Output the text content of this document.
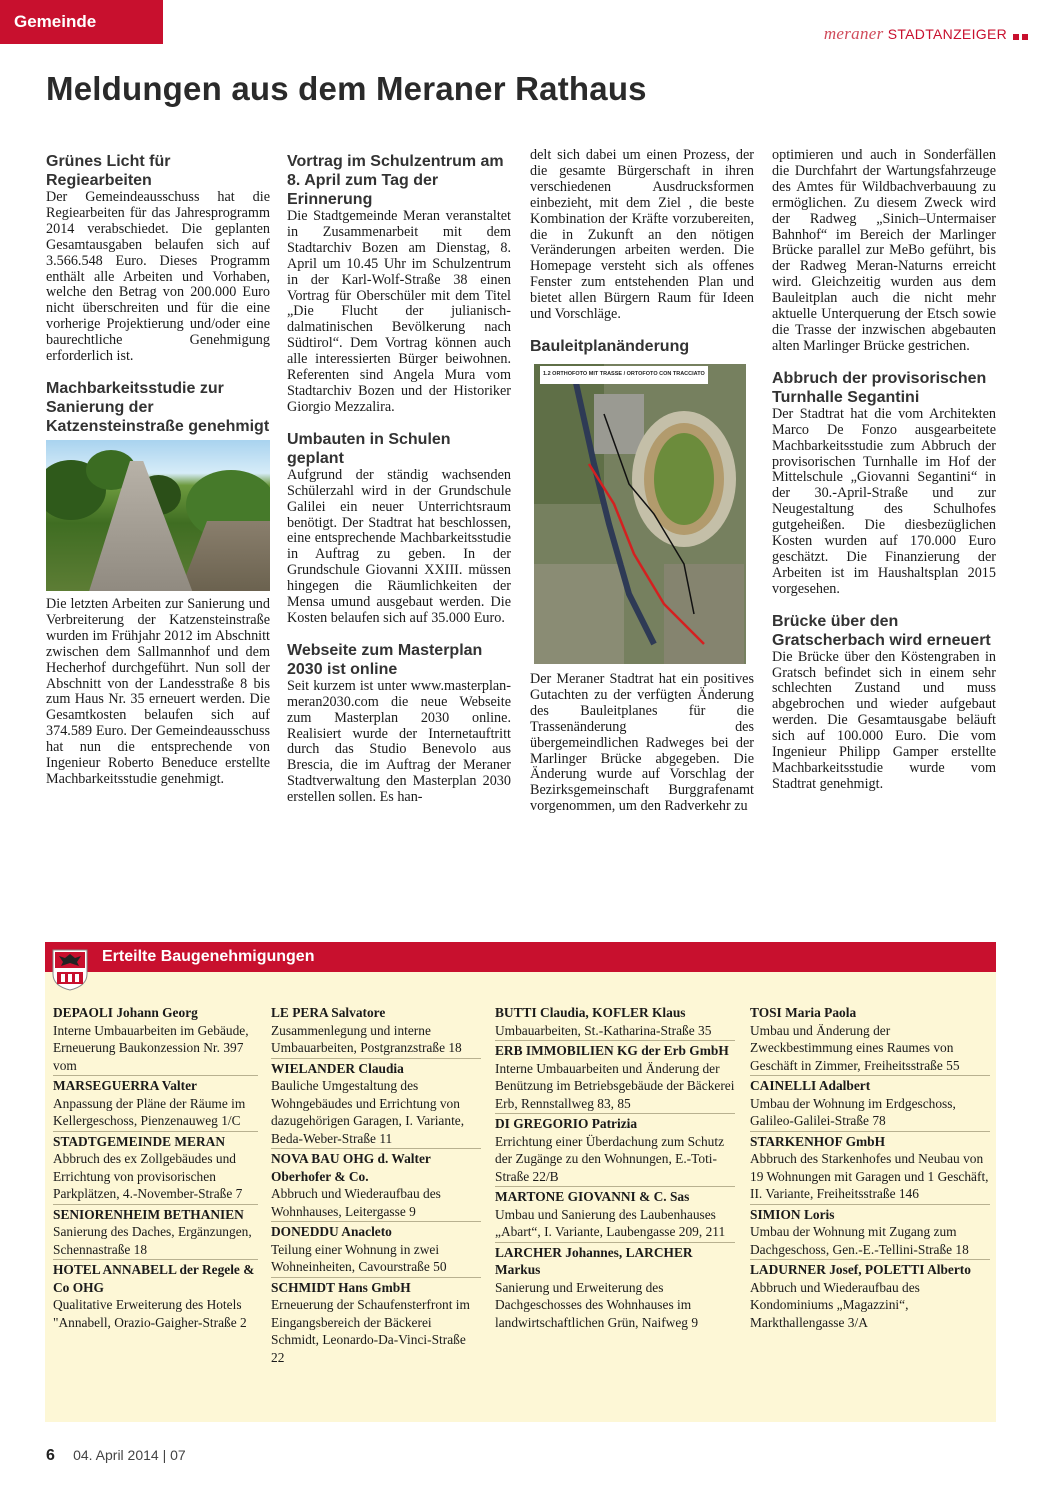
Gemeinde
meraner STADTANZEIGER
Meldungen aus dem Meraner Rathaus
Grünes Licht für Regiearbeiten

Der Gemeindeausschuss hat die Regiearbeiten für das Jahresprogramm 2014 verabschiedet. Die geplanten Gesamtausgaben belaufen sich auf 3.566.548 Euro. Dieses Programm enthält alle Arbeiten und Vorhaben, welche den Betrag von 200.000 Euro nicht überschreiten und für die eine vorherige Projektierung und/oder eine baurechtliche Genehmigung erforderlich ist.

Machbarkeitsstudie zur Sanierung der Katzensteinstraße genehmigt

Die letzten Arbeiten zur Sanierung und Verbreiterung der Katzensteinstraße wurden im Frühjahr 2012 im Abschnitt zwischen dem Sallmannhof und dem Hecherhof durchgeführt. Nun soll der Abschnitt von der Landesstraße 8 bis zum Haus Nr. 35 erneuert werden. Die Gesamtkosten belaufen sich auf 374.589 Euro. Der Gemeindeausschuss hat nun die entsprechende von Ingenieur Roberto Beneduce erstellte Machbarkeitsstudie genehmigt.

Vortrag im Schulzentrum am 8. April zum Tag der Erinnerung

Die Stadtgemeinde Meran veranstaltet in Zusammenarbeit mit dem Stadtarchiv Bozen am Dienstag, 8. April um 10.45 Uhr im Schulzentrum in der Karl-Wolf-Straße 38 einen Vortrag für Oberschüler mit dem Titel „Die Flucht der julianisch-dalmatinischen Bevölkerung nach Südtirol“. Dem Vortrag können auch alle interessierten Bürger beiwohnen. Referenten sind Angela Mura vom Stadtarchiv Bozen und der Historiker Giorgio Mezzalira.

Umbauten in Schulen geplant

Aufgrund der ständig wachsenden Schülerzahl wird in der Grundschule Galilei ein neuer Unterrichtsraum benötigt. Der Stadtrat hat beschlossen, eine entsprechende Machbarkeitsstudie in Auftrag zu geben. In der Grundschule Giovanni XXIII. müssen hingegen die Räumlichkeiten der Mensa umund ausgebaut werden. Die Kosten belaufen sich auf 35.000 Euro.

Webseite zum Masterplan 2030 ist online

Seit kurzem ist unter www.masterplan-meran2030.com die neue Webseite zum Masterplan 2030 online. Realisiert wurde der Internetauftritt durch das Studio Benevolo aus Brescia, die im Auftrag der Meraner Stadtverwaltung den Masterplan 2030 erstellen sollen. Es han-

delt sich dabei um einen Prozess, der die gesamte Bürgerschaft in ihren verschiedenen Ausdrucksformen einbezieht, mit dem Ziel , die beste Kombination der Kräfte vorzubereiten, die in Zukunft an den nötigen Veränderungen arbeiten werden. Die Homepage versteht sich als offenes Fenster zum entstehenden Plan und bietet allen Bürgern Raum für Ideen und Vorschläge.

Bauleitplanänderung
1.2 ORTHOFOTO MIT TRASSE / ORTOFOTO CON TRACCIATO

Der Meraner Stadtrat hat ein positives Gutachten zu der verfügten Änderung des Bauleitplanes für die Trassenänderung des übergemeindlichen Radweges bei der Marlinger Brücke abgegeben. Die Änderung wurde auf Vorschlag der Bezirksgemeinschaft Burggrafenamt vorgenommen, um den Radverkehr zu

optimieren und auch in Sonderfällen die Durchfahrt der Wartungsfahrzeuge des Amtes für Wildbachverbauung zu ermöglichen. Zu diesem Zweck wird der Radweg „Sinich–Untermaiser Bahnhof“ im Bereich der Marlinger Brücke parallel zur MeBo geführt, bis der Radweg Meran-Naturns erreicht wird. Gleichzeitig wurden aus dem Bauleitplan auch die nicht mehr aktuelle Unterquerung der Etsch sowie die Trasse der inzwischen abgebauten alten Marlinger Brücke gestrichen.

Abbruch der provisorischen Turnhalle Segantini

Der Stadtrat hat die vom Architekten Marco De Fonzo ausgearbeitete Machbarkeitsstudie zum Abbruch der provisorischen Turnhalle im Hof der Mittelschule „Giovanni Segantini“ in der 30.-April-Straße und zur Neugestaltung des Schulhofes gutgeheißen. Die diesbezüglichen Kosten wurden auf 170.000 Euro geschätzt. Die Finanzierung der Arbeiten ist im Haushaltsplan 2015 vorgesehen.

Brücke über den Gratscherbach wird erneuert

Die Brücke über den Köstengraben in Gratsch befindet sich in einem sehr schlechten Zustand und muss abgebrochen und wieder aufgebaut werden. Die Gesamtausgabe beläuft sich auf 100.000 Euro. Die vom Ingenieur Philipp Gamper erstellte Machbarkeitsstudie wurde vom Stadtrat genehmigt.

Erteilte Baugenehmigungen
DEPAOLI Johann Georg
Interne Umbauarbeiten im Gebäude, Erneuerung Baukonzession Nr. 397 vom
MARSEGUERRA Valter
Anpassung der Pläne der Räume im Kellergeschoss, Pienzenauweg 1/C
STADTGEMEINDE MERAN
Abbruch des ex Zollgebäudes und Errichtung von provisorischen Parkplätzen, 4.-November-Straße 7
SENIORENHEIM BETHANIEN
Sanierung des Daches, Ergänzungen, Schennastraße 18
HOTEL ANNABELL der Regele & Co OHG
Qualitative Erweiterung des Hotels "Annabell, Orazio-Gaigher-Straße 2
LE PERA Salvatore
Zusammenlegung und interne Umbauarbeiten, Postgranzstraße 18
WIELANDER Claudia
Bauliche Umgestaltung des Wohngebäudes und Errichtung von dazugehörigen Garagen, I. Variante, Beda-Weber-Straße 11
NOVA BAU OHG d. Walter Oberhofer & Co.
Abbruch und Wiederaufbau des Wohnhauses, Leitergasse 9
DONEDDU Anacleto
Teilung einer Wohnung in zwei Wohneinheiten, Cavourstraße 50
SCHMIDT Hans GmbH
Erneuerung der Schaufensterfront im Eingangsbereich der Bäckerei Schmidt, Leonardo-Da-Vinci-Straße 22
BUTTI Claudia, KOFLER Klaus
Umbauarbeiten, St.-Katharina-Straße 35
ERB IMMOBILIEN KG der Erb GmbH
Interne Umbauarbeiten und Änderung der Benützung im Betriebsgebäude der Bäckerei Erb, Rennstallweg 83, 85
DI GREGORIO Patrizia
Errichtung einer Überdachung zum Schutz der Zugänge zu den Wohnungen, E.-Toti-Straße 22/B
MARTONE GIOVANNI & C. Sas
Umbau und Sanierung des Laubenhauses „Abart“, I. Variante, Laubengasse 209, 211
LARCHER Johannes, LARCHER Markus
Sanierung und Erweiterung des Dachgeschosses des Wohnhauses im landwirtschaftlichen Grün, Naifweg 9
TOSI Maria Paola
Umbau und Änderung der Zweckbestimmung eines Raumes von Geschäft in Zimmer, Freiheitsstraße 55
CAINELLI Adalbert
Umbau der Wohnung im Erdgeschoss, Galileo-Galilei-Straße 78
STARKENHOF GmbH
Abbruch des Starkenhofes und Neubau von 19 Wohnungen mit Garagen und 1 Geschäft, II. Variante, Freiheitsstraße 146
SIMION Loris
Umbau der Wohnung mit Zugang zum Dachgeschoss, Gen.-E.-Tellini-Straße 18
LADURNER Josef, POLETTI Alberto
Abbruch und Wiederaufbau des Kondominiums „Magazzini“, Markthallengasse 3/A
6 04. April 2014 | 07
